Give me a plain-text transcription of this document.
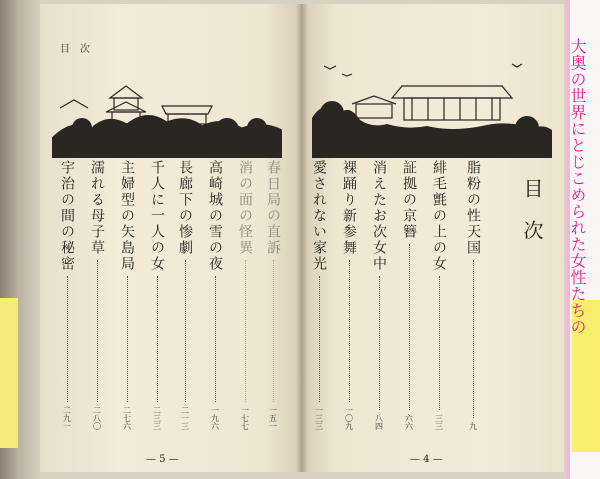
目次
目次
脂粉の性天国
九
緋毛氈の上の女
三三
証拠の京簪
六六
消えたお次女中
八四
裸踊り新参舞
一〇九
愛されない家光
一三三
春日局の直訴
一五一
消の面の怪異
一七七
高崎城の雪の夜
一九六
長廊下の惨劇
二一三
千人に一人の女
二三三
主婦型の矢島局
二七六
濡れる母子草
二八〇
宇治の間の秘密
二九一
— 5 —	— 4 —
大奥の世界にとじこめられた女性たちの
